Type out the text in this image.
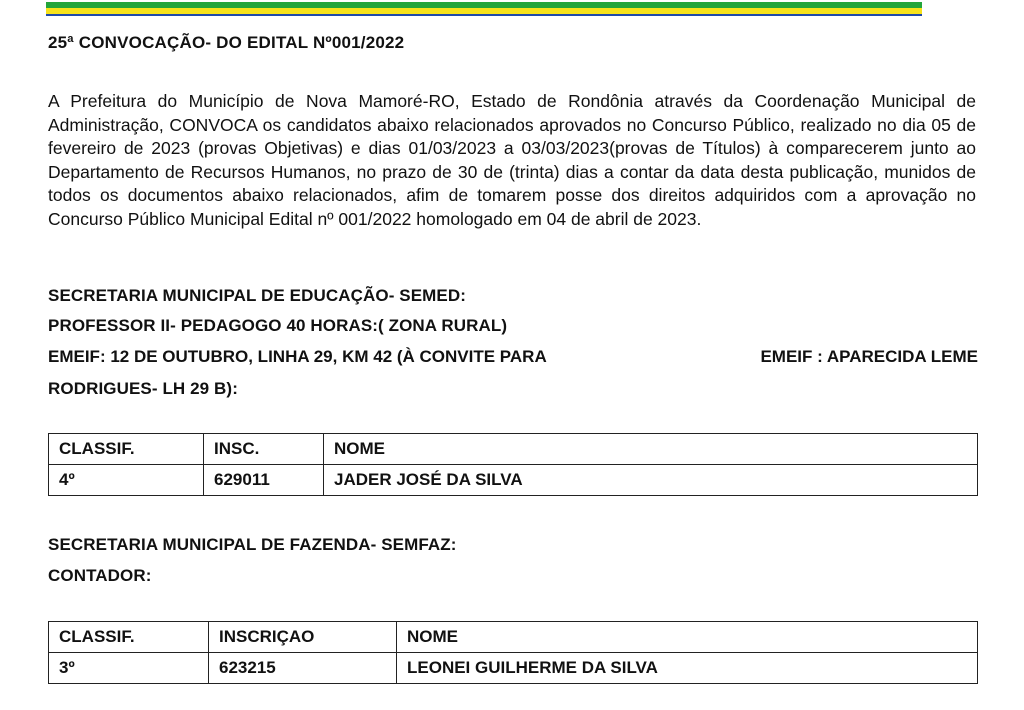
25ª CONVOCAÇÃO- DO EDITAL Nº001/2022

A Prefeitura do Município de Nova Mamoré-RO, Estado de Rondônia através da Coordenação Municipal de Administração, CONVOCA os candidatos abaixo relacionados aprovados no Concurso Público, realizado no dia 05 de fevereiro de 2023 (provas Objetivas) e dias 01/03/2023 a 03/03/2023(provas de Títulos) à comparecerem junto ao Departamento de Recursos Humanos, no prazo de 30 de (trinta) dias a contar da data desta publicação, munidos de todos os documentos abaixo relacionados, afim de tomarem posse dos direitos adquiridos com a aprovação no Concurso Público Municipal Edital nº 001/2022 homologado em 04 de abril de 2023.

SECRETARIA MUNICIPAL DE EDUCAÇÃO- SEMED:

PROFESSOR II- PEDAGOGO 40 HORAS:( ZONA RURAL)

EMEIF: 12 DE OUTUBRO, LINHA 29, KM 42 (À CONVITE PARA	EMEIF : APARECIDA LEME

RODRIGUES- LH 29 B):

CLASSIF.	INSC.	NOME
4º	629011	JADER JOSÉ DA SILVA

SECRETARIA MUNICIPAL DE FAZENDA- SEMFAZ:

CONTADOR:

CLASSIF.	INSCRIÇAO	NOME
3º	623215	LEONEI GUILHERME DA SILVA
